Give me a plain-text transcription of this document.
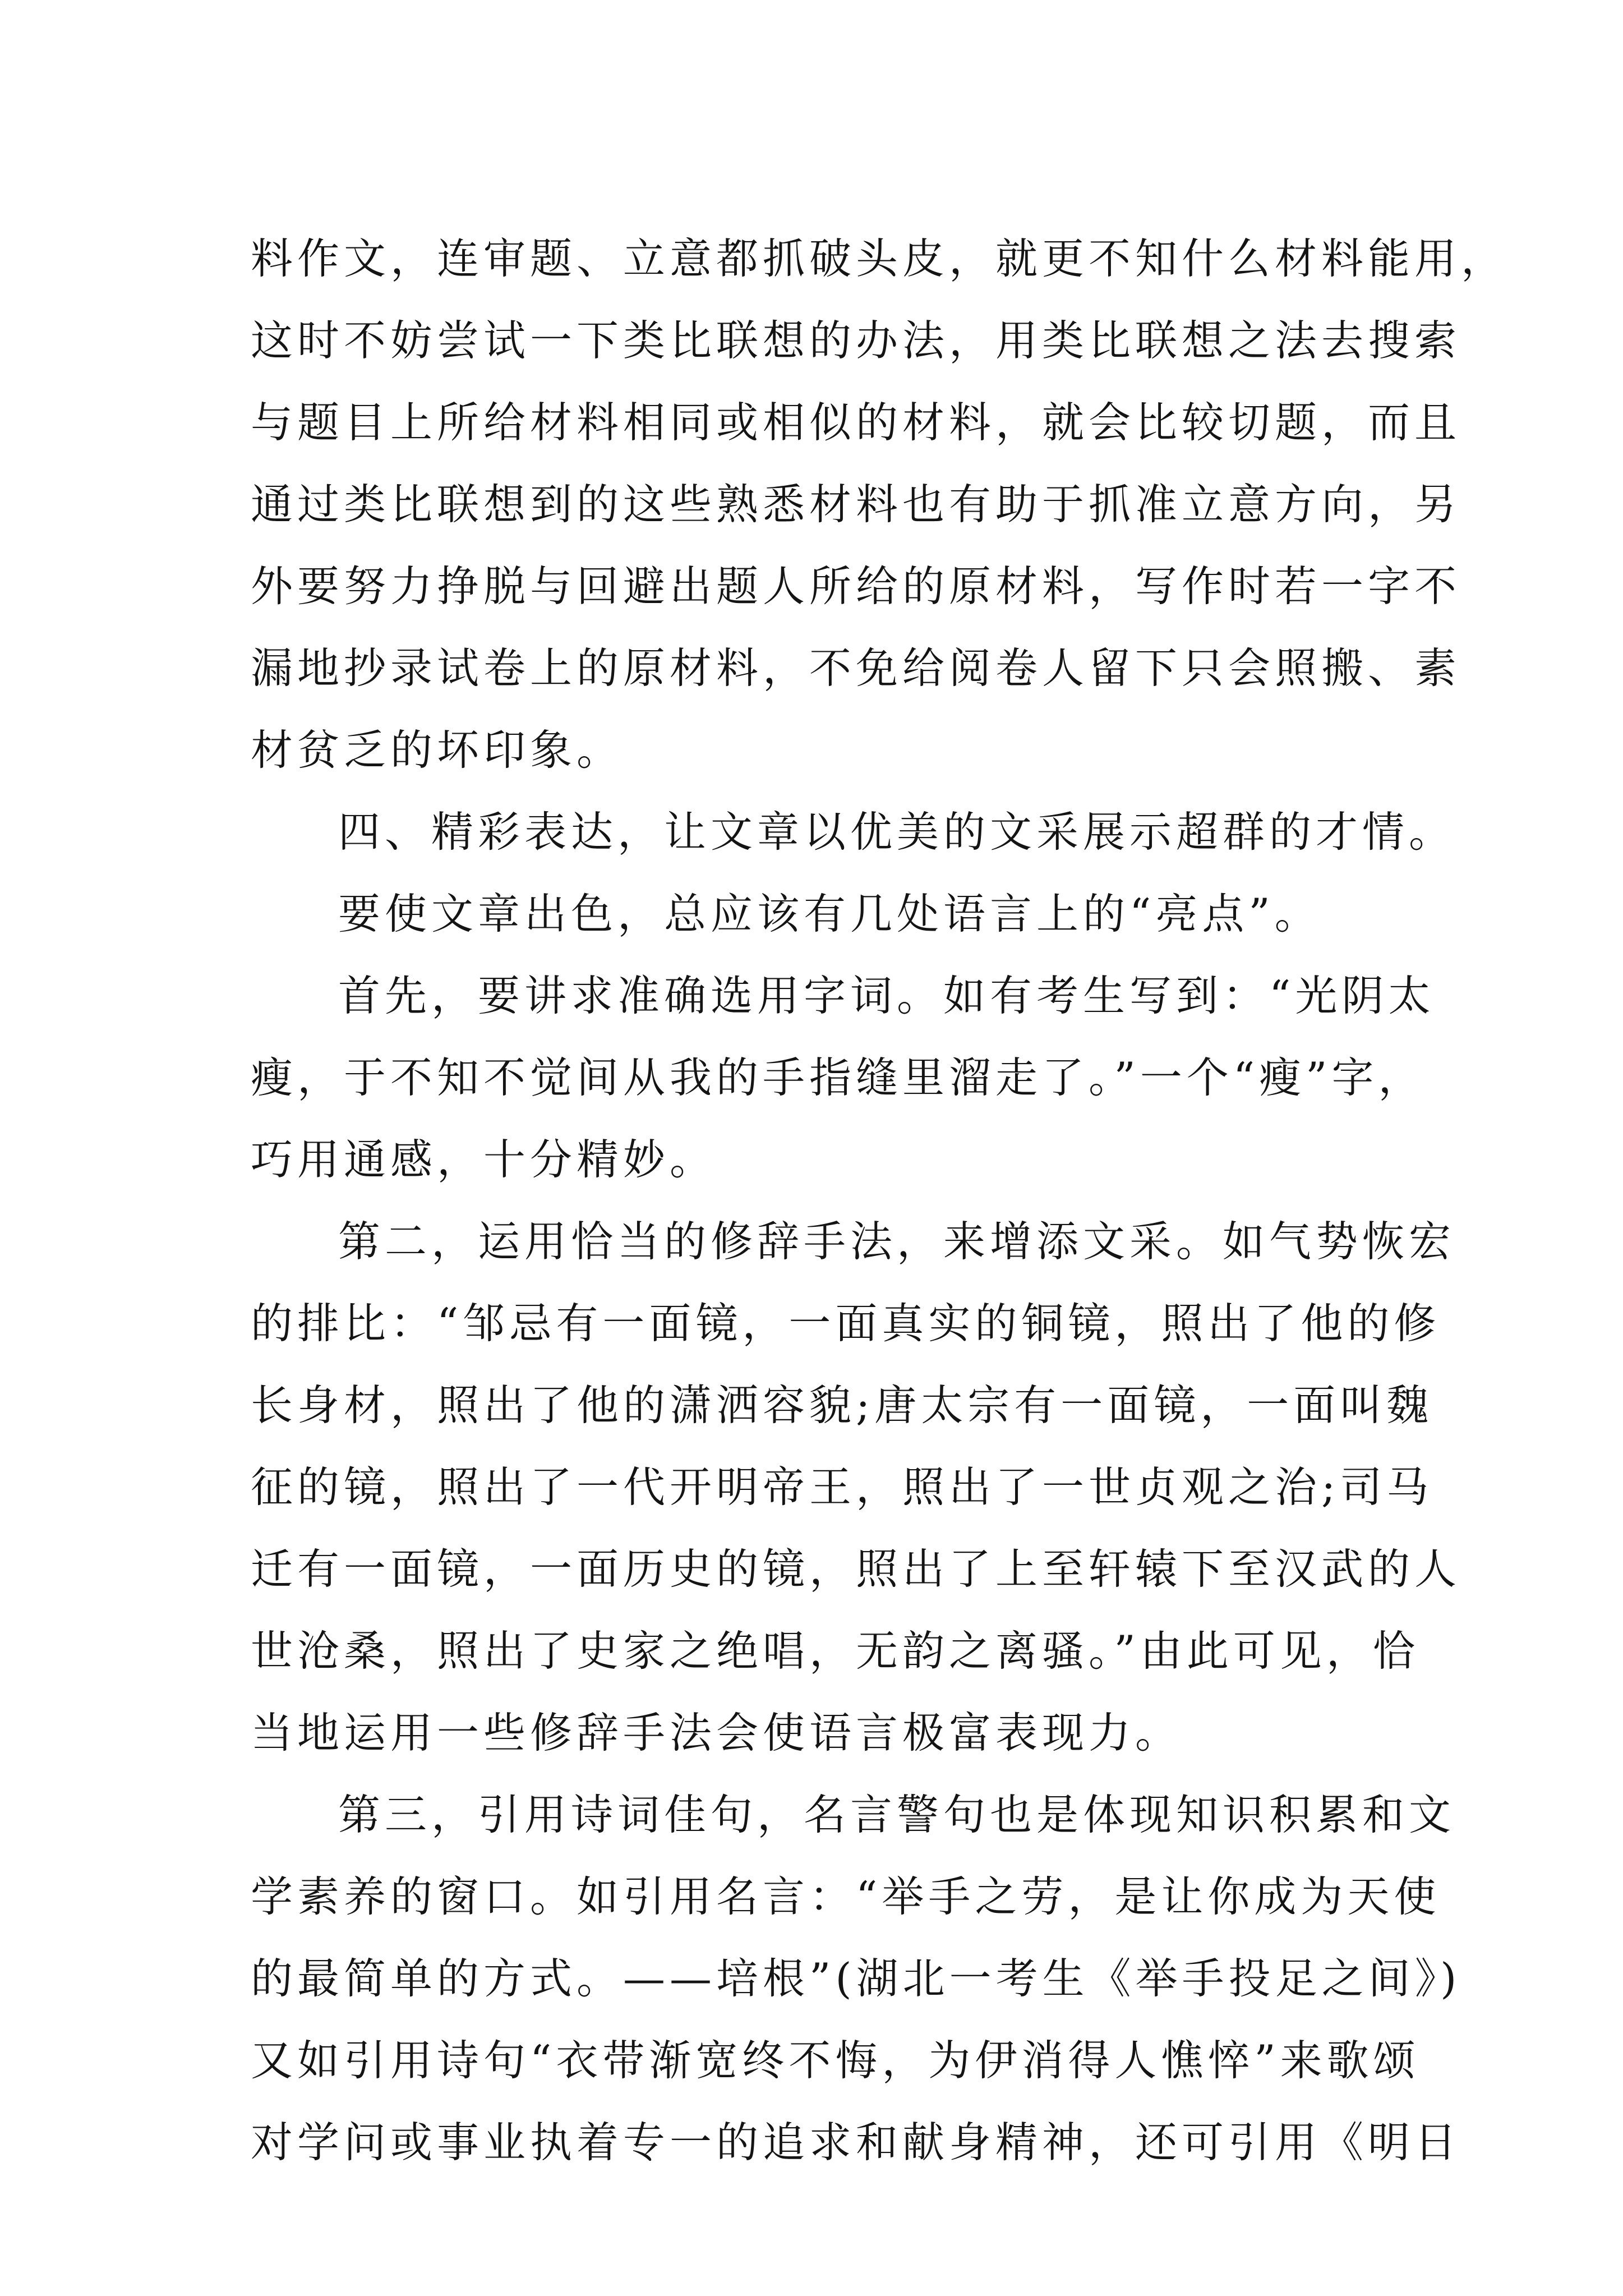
料作文，连审题、立意都抓破头皮，就更不知什么材料能用，
这时不妨尝试一下类比联想的办法，用类比联想之法去搜索
与题目上所给材料相同或相似的材料，就会比较切题，而且
通过类比联想到的这些熟悉材料也有助于抓准立意方向，另
外要努力挣脱与回避出题人所给的原材料，写作时若一字不
漏地抄录试卷上的原材料，不免给阅卷人留下只会照搬、素
材贫乏的坏印象。
四、精彩表达，让文章以优美的文采展示超群的才情。
要使文章出色，总应该有几处语言上的“亮点”。
首先，要讲求准确选用字词。如有考生写到：“光阴太
瘦，于不知不觉间从我的手指缝里溜走了。”一个“瘦”字，
巧用通感，十分精妙。
第二，运用恰当的修辞手法，来增添文采。如气势恢宏
的排比：“邹忌有一面镜，一面真实的铜镜，照出了他的修
长身材，照出了他的潇洒容貌;唐太宗有一面镜，一面叫魏
征的镜，照出了一代开明帝王，照出了一世贞观之治;司马
迁有一面镜，一面历史的镜，照出了上至轩辕下至汉武的人
世沧桑，照出了史家之绝唱，无韵之离骚。”由此可见，恰
当地运用一些修辞手法会使语言极富表现力。
第三，引用诗词佳句，名言警句也是体现知识积累和文
学素养的窗口。如引用名言：“举手之劳，是让你成为天使
的最简单的方式。——培根”(湖北一考生《举手投足之间》)
又如引用诗句“衣带渐宽终不悔，为伊消得人憔悴”来歌颂
对学问或事业执着专一的追求和献身精神，还可引用《明日
